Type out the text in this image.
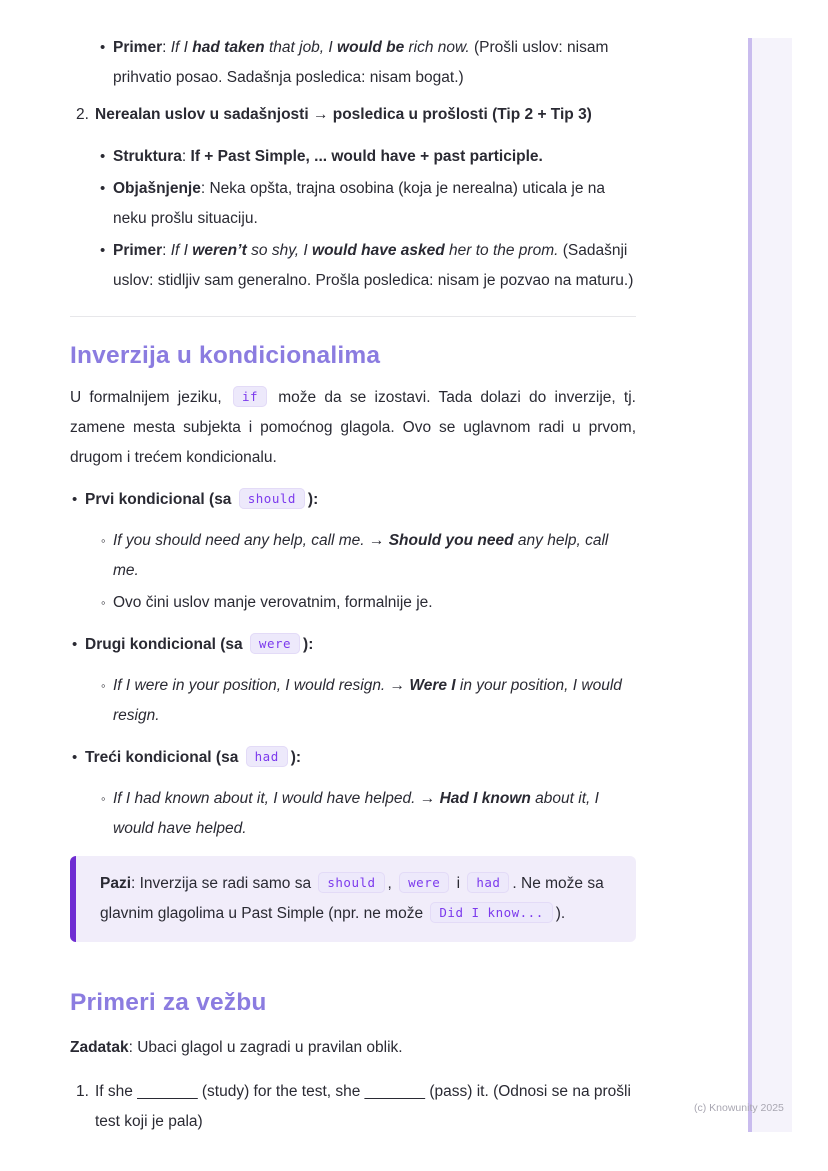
• Primer: If I had taken that job, I would be rich now. (Prošli uslov: nisam prihvatio posao. Sadašnja posledica: nisam bogat.)
2. Nerealan uslov u sadašnjosti → posledica u prošlosti (Tip 2 + Tip 3)
• Struktura: If + Past Simple, ... would have + past participle.
• Objašnjenje: Neka opšta, trajna osobina (koja je nerealna) uticala je na neku prošlu situaciju.
• Primer: If I weren’t so shy, I would have asked her to the prom. (Sadašnji uslov: stidljiv sam generalno. Prošla posledica: nisam je pozvao na maturu.)
Inverzija u kondicionalima

U formalnijem jeziku, if može da se izostavi. Tada dolazi do inverzije, tj. zamene mesta subjekta i pomoćnog glagola. Ovo se uglavnom radi u prvom, drugom i trećem kondicionalu.

• Prvi kondicional (sa should ):
◦ If you should need any help, call me. → Should you need any help, call me.
◦ Ovo čini uslov manje verovatnim, formalnije je.
• Drugi kondicional (sa were ):
◦ If I were in your position, I would resign. → Were I in your position, I would resign.
• Treći kondicional (sa had ):
◦ If I had known about it, I would have helped. → Had I known about it, I would have helped.
Pazi: Inverzija se radi samo sa should , were i had . Ne može sa glavnim glagolima u Past Simple (npr. ne može Did I know... ).
Primeri za vežbu

Zadatak: Ubaci glagol u zagradi u pravilan oblik.

1. If she _______ (study) for the test, she _______ (pass) it. (Odnosi se na prošli test koji je pala)
(c) Knowunity 2025
